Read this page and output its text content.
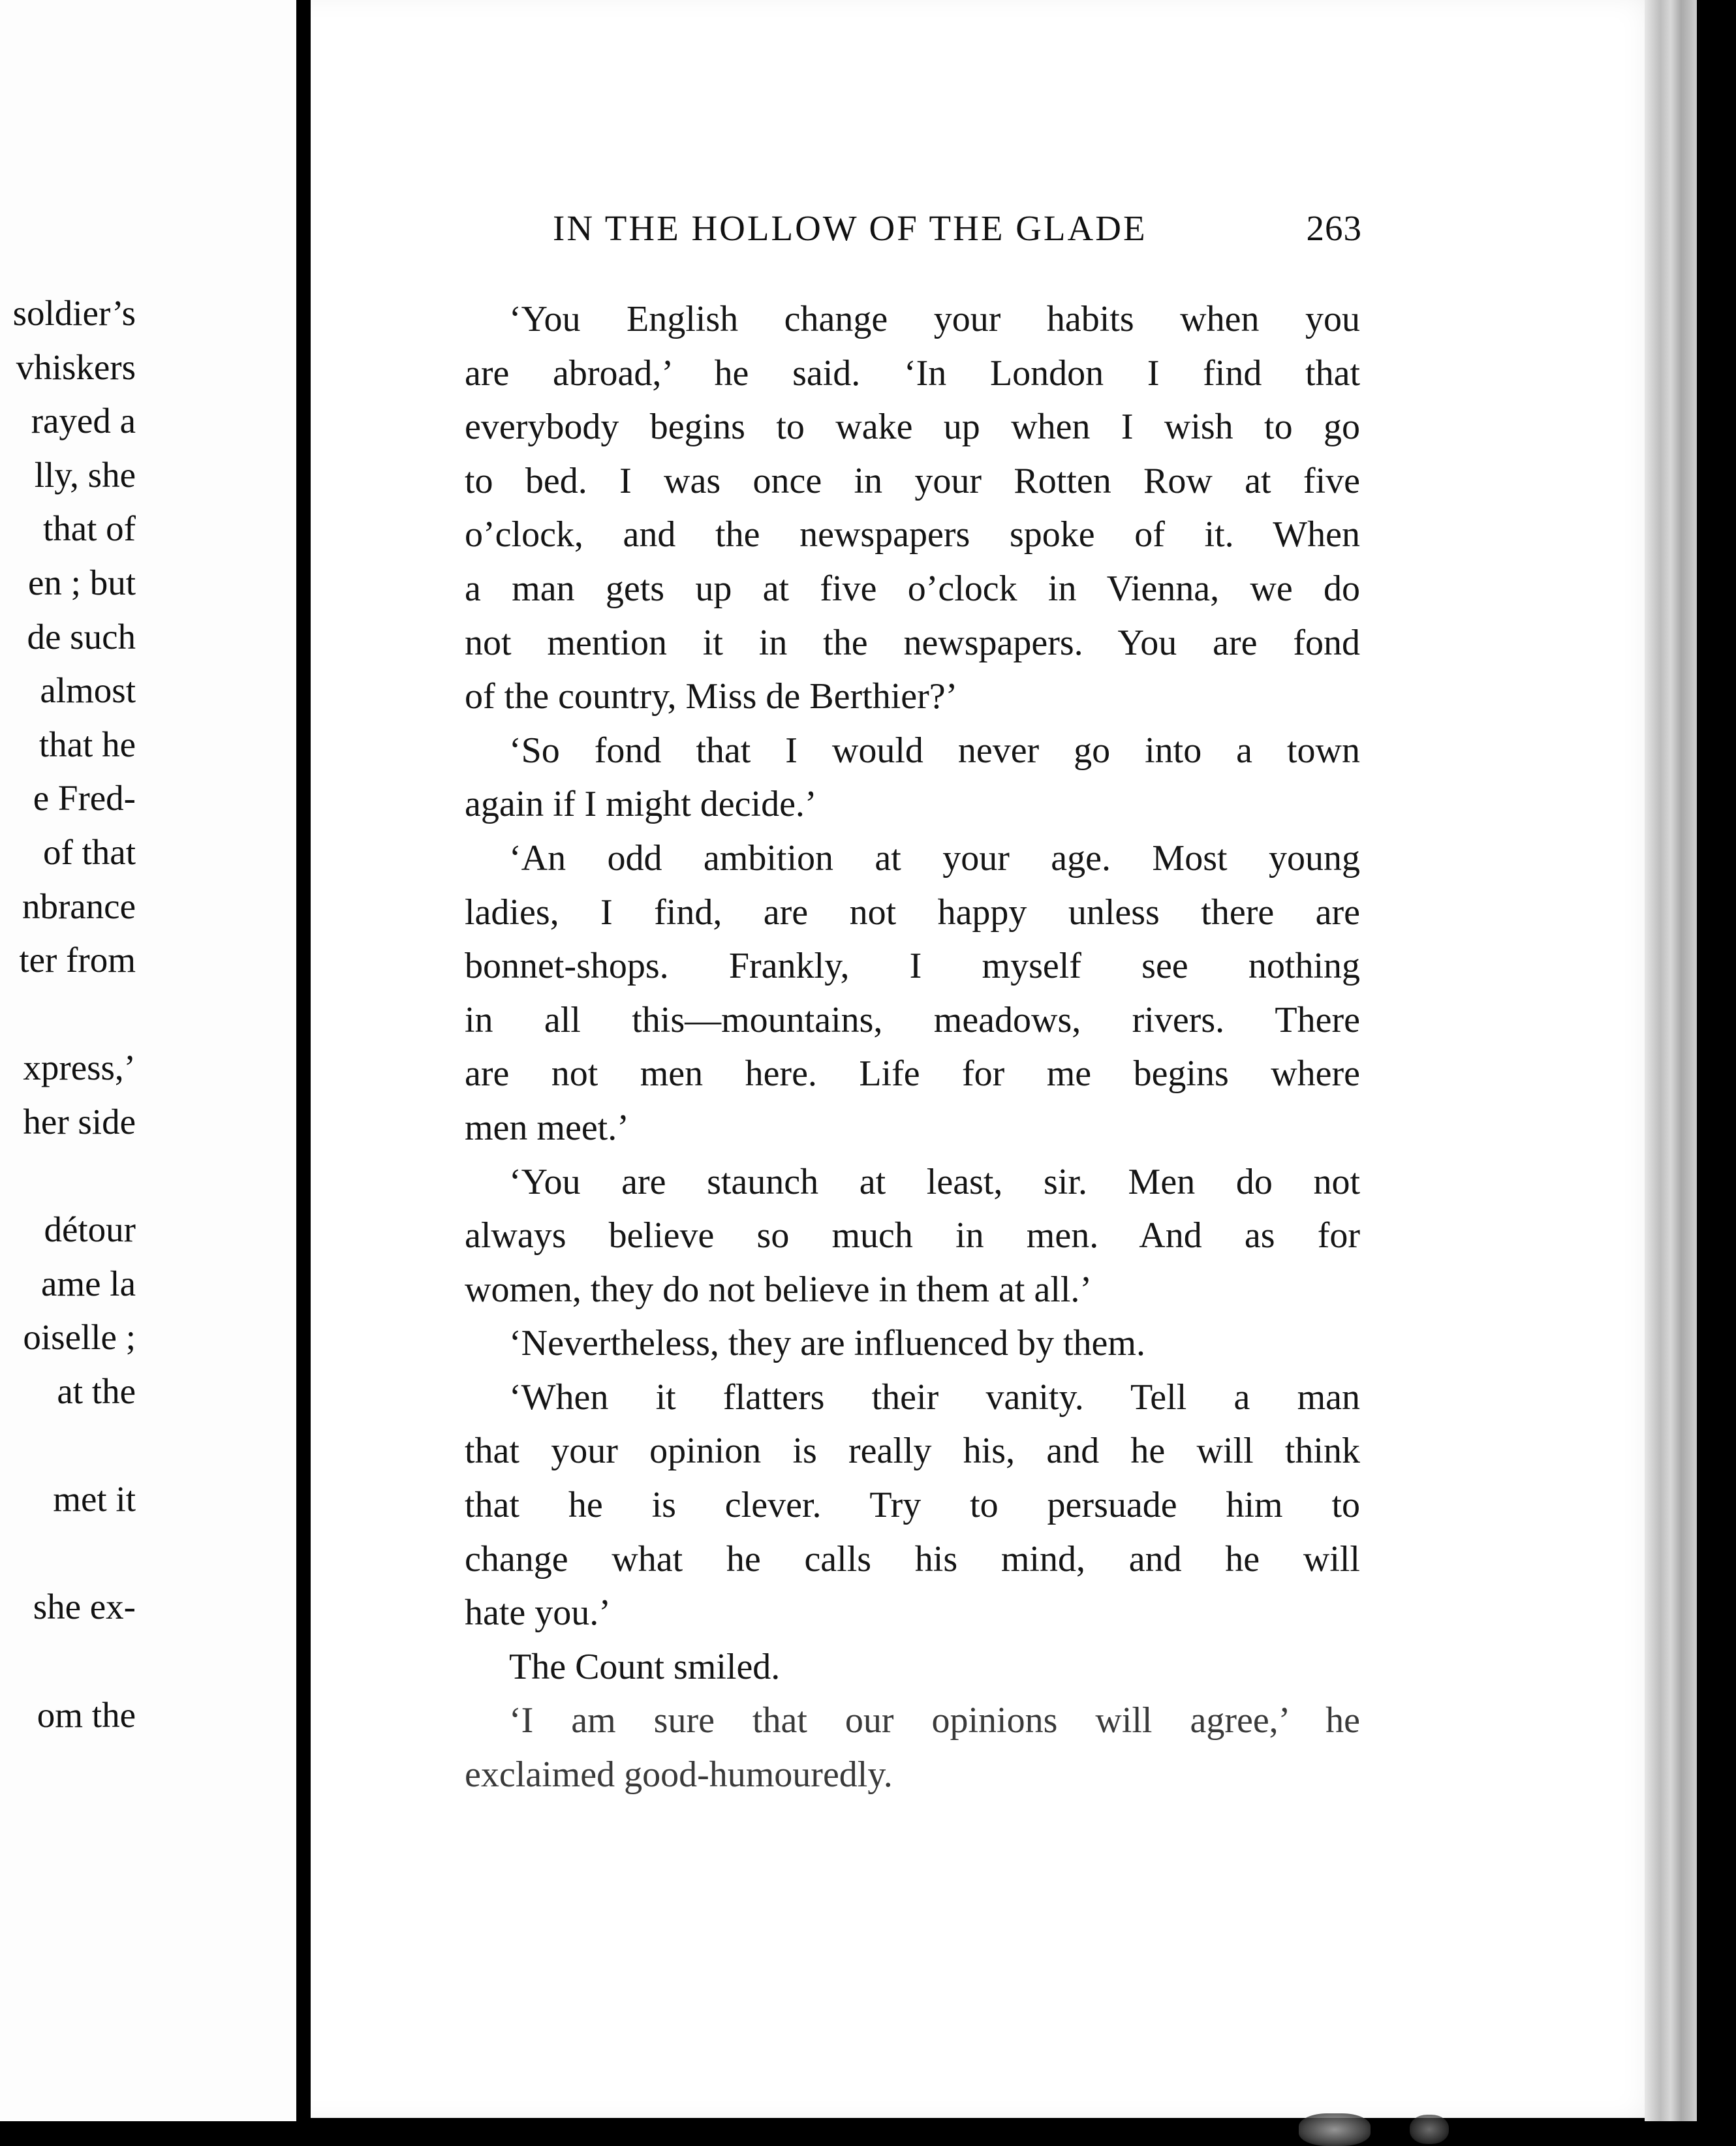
soldier’s
vhiskers
rayed a
lly, she
that of
en ; but
de such
almost
that he
e Fred-
of that
nbrance
ter from
xpress,’
her side
détour
ame la
oiselle ;
at the
met it
she ex-
om the
IN THE HOLLOW OF THE GLADE	263
‘You English change your habits when you
are abroad,’ he said. ‘In London I find that
everybody begins to wake up when I wish to go
to bed. I was once in your Rotten Row at five
o’clock, and the newspapers spoke of it. When
a man gets up at five o’clock in Vienna, we do
not mention it in the newspapers. You are fond
of the country, Miss de Berthier?’
‘So fond that I would never go into a town
again if I might decide.’
‘An odd ambition at your age. Most young
ladies, I find, are not happy unless there are
bonnet-shops. Frankly, I myself see nothing
in all this—mountains, meadows, rivers. There
are not men here. Life for me begins where
men meet.’
‘You are staunch at least, sir. Men do not
always believe so much in men. And as for
women, they do not believe in them at all.’
‘Nevertheless, they are influenced by them.
‘When it flatters their vanity. Tell a man
that your opinion is really his, and he will think
that he is clever. Try to persuade him to
change what he calls his mind, and he will
hate you.’
The Count smiled.
‘I am sure that our opinions will agree,’ he
exclaimed good-humouredly.
